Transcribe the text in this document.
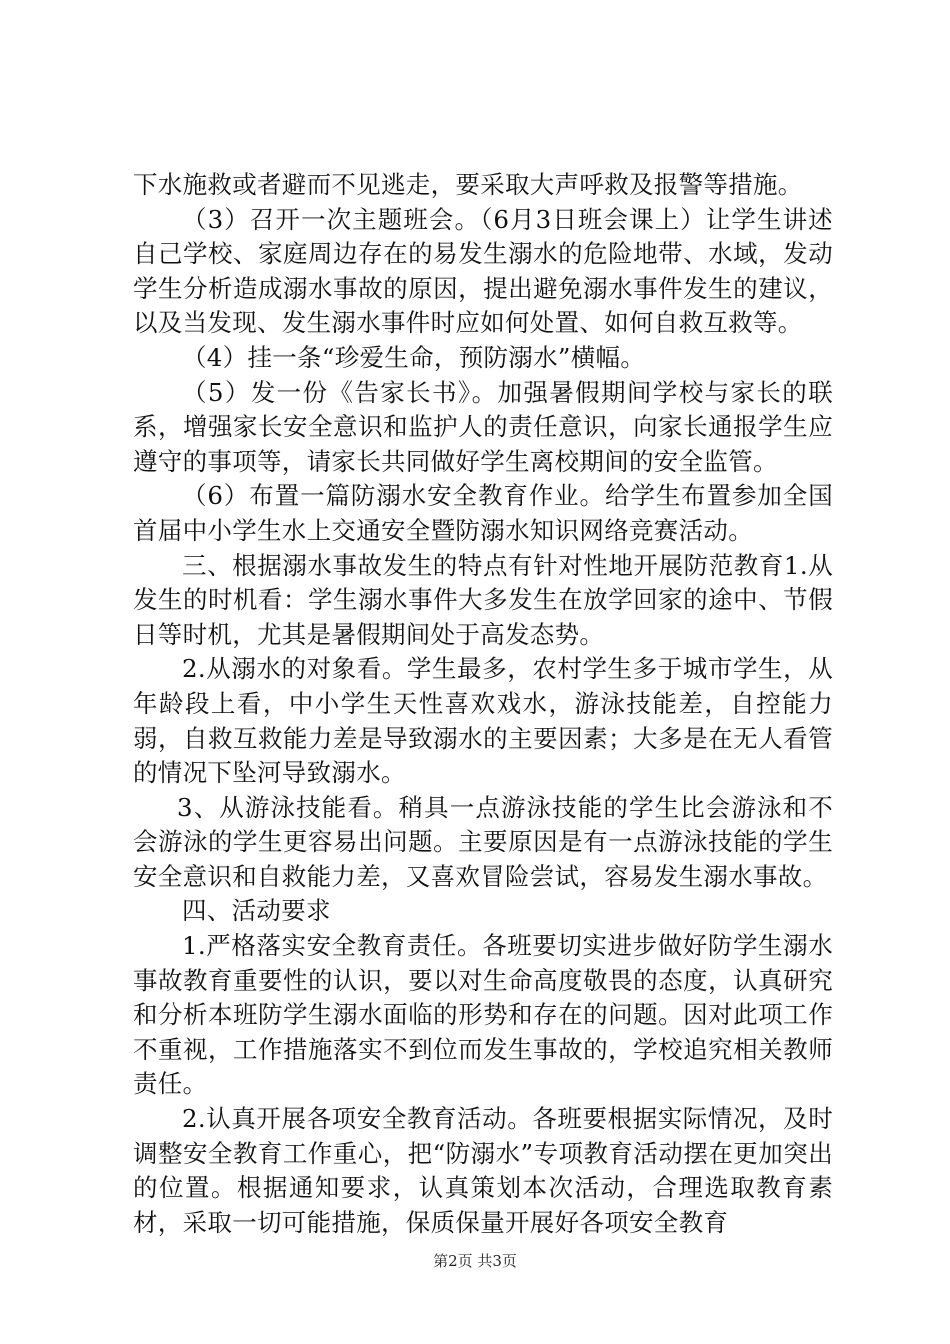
下水施救或者避而不见逃走，要采取大声呼救及报警等措施。

（3）召开一次主题班会。（6月3日班会课上）让学生讲述自己学校、家庭周边存在的易发生溺水的危险地带、水域，发动学生分析造成溺水事故的原因，提出避免溺水事件发生的建议，以及当发现、发生溺水事件时应如何处置、如何自救互救等。

（4）挂一条“珍爱生命，预防溺水”横幅。

（5）发一份《告家长书》。加强暑假期间学校与家长的联系，增强家长安全意识和监护人的责任意识，向家长通报学生应遵守的事项等，请家长共同做好学生离校期间的安全监管。

（6）布置一篇防溺水安全教育作业。给学生布置参加全国首届中小学生水上交通安全暨防溺水知识网络竞赛活动。

三、根据溺水事故发生的特点有针对性地开展防范教育1.从发生的时机看：学生溺水事件大多发生在放学回家的途中、节假日等时机，尤其是暑假期间处于高发态势。

2.从溺水的对象看。学生最多，农村学生多于城市学生，从年龄段上看，中小学生天性喜欢戏水，游泳技能差，自控能力弱，自救互救能力差是导致溺水的主要因素；大多是在无人看管的情况下坠河导致溺水。

3、从游泳技能看。稍具一点游泳技能的学生比会游泳和不会游泳的学生更容易出问题。主要原因是有一点游泳技能的学生安全意识和自救能力差，又喜欢冒险尝试，容易发生溺水事故。

四、活动要求

1.严格落实安全教育责任。各班要切实进步做好防学生溺水事故教育重要性的认识，要以对生命高度敬畏的态度，认真研究和分析本班防学生溺水面临的形势和存在的问题。因对此项工作不重视，工作措施落实不到位而发生事故的，学校追究相关教师责任。

2.认真开展各项安全教育活动。各班要根据实际情况，及时调整安全教育工作重心，把“防溺水”专项教育活动摆在更加突出的位置。根据通知要求，认真策划本次活动，合理选取教育素材，采取一切可能措施，保质保量开展好各项安全教育

第2页 共3页
